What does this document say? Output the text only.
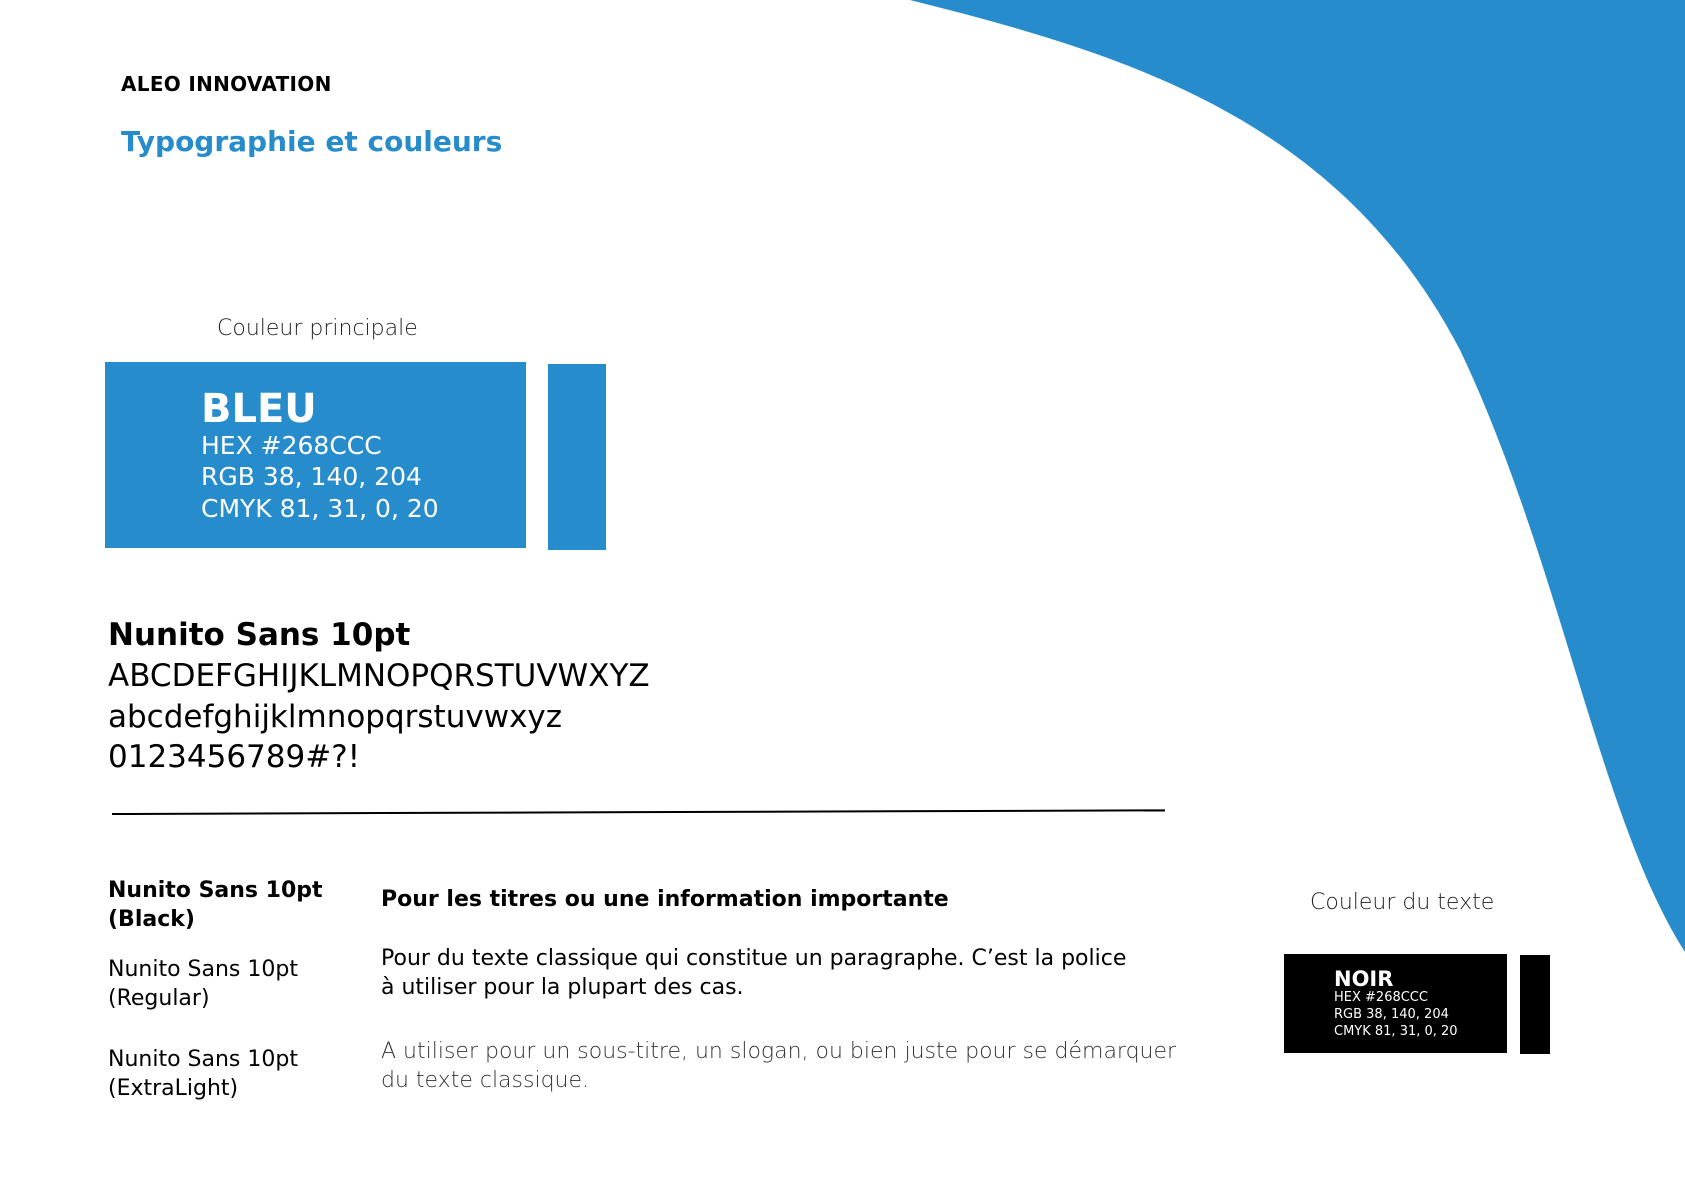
ALEO INNOVATION
Typographie et couleurs
Couleur principale
BLEU
HEX #268CCC
RGB 38, 140, 204
CMYK 81, 31, 0, 20
Nunito Sans 10pt
ABCDEFGHIJKLMNOPQRSTUVWXYZ
abcdefghijklmnopqrstuvwxyz
0123456789#?!
Nunito Sans 10pt
(Black)
Pour les titres ou une information importante
Nunito Sans 10pt
(Regular)
Pour du texte classique qui constitue un paragraphe. C’est la police
à utiliser pour la plupart des cas.
Nunito Sans 10pt
(ExtraLight)
A utiliser pour un sous-titre, un slogan, ou bien juste pour se démarquer
du texte classique.
Couleur du texte
NOIR
HEX #268CCC
RGB 38, 140, 204
CMYK 81, 31, 0, 20
